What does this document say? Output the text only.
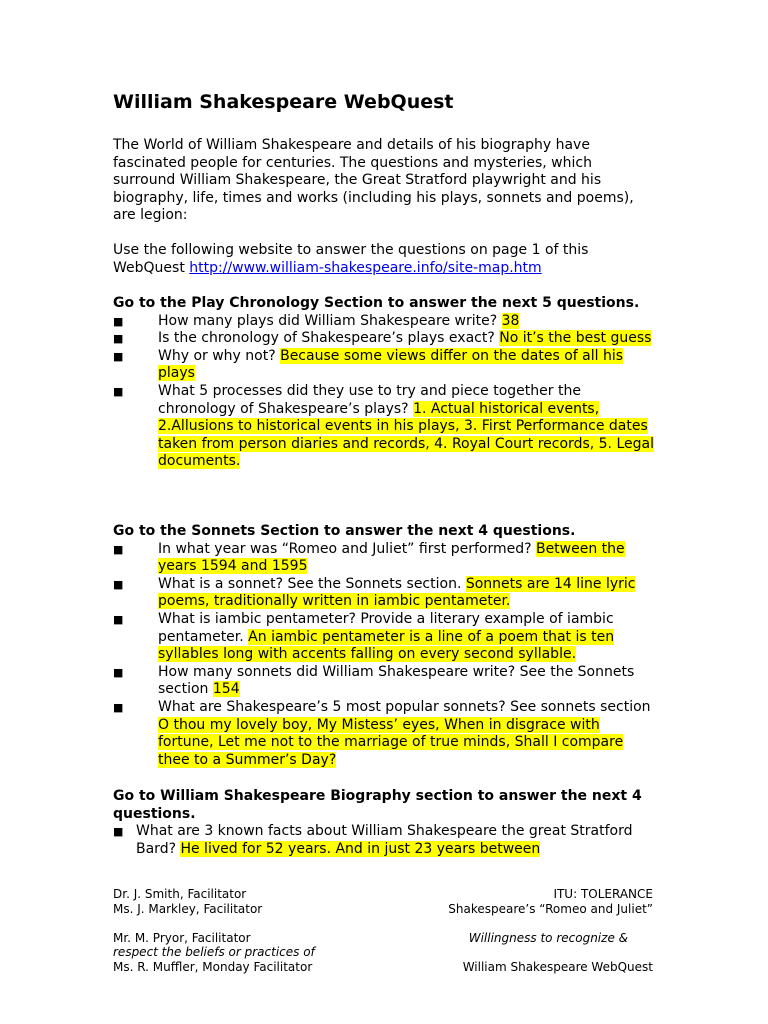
William Shakespeare WebQuest

The World of William Shakespeare and details of his biography have fascinated people for centuries. The questions and mysteries, which surround William Shakespeare, the Great Stratford playwright and his biography, life, times and works (including his plays, sonnets and poems), are legion:

Use the following website to answer the questions on page 1 of this WebQuest http://www.william-shakespeare.info/site-map.htm

Go to the Play Chronology Section to answer the next 5 questions.
■ How many plays did William Shakespeare write? 38
■ Is the chronology of Shakespeare’s plays exact? No it’s the best guess
■ Why or why not? Because some views differ on the dates of all his plays
■ What 5 processes did they use to try and piece together the chronology of Shakespeare’s plays? 1. Actual historical events, 2.Allusions to historical events in his plays, 3. First Performance dates taken from person diaries and records, 4. Royal Court records, 5. Legal documents.
Go to the Sonnets Section to answer the next 4 questions.
■ In what year was “Romeo and Juliet” first performed? Between the years 1594 and 1595
■ What is a sonnet? See the Sonnets section. Sonnets are 14 line lyric poems, traditionally written in iambic pentameter.
■ What is iambic pentameter? Provide a literary example of iambic pentameter. An iambic pentameter is a line of a poem that is ten syllables long with accents falling on every second syllable.
■ How many sonnets did William Shakespeare write? See the Sonnets section 154
■ What are Shakespeare’s 5 most popular sonnets? See sonnets section O thou my lovely boy, My Mistess’ eyes, When in disgrace with fortune, Let me not to the marriage of true minds, Shall I compare thee to a Summer’s Day?
Go to William Shakespeare Biography section to answer the next 4 questions.
■ What are 3 known facts about William Shakespeare the great Stratford Bard? He lived for 52 years. And in just 23 years between
Dr. J. Smith, Facilitator	ITU: TOLERANCE
Ms. J. Markley, Facilitator	Shakespeare’s “Romeo and Juliet”
Mr. M. Pryor, Facilitator	Willingness to recognize &
respect the beliefs or practices of
Ms. R. Muffler, Monday Facilitator	William Shakespeare WebQuest
